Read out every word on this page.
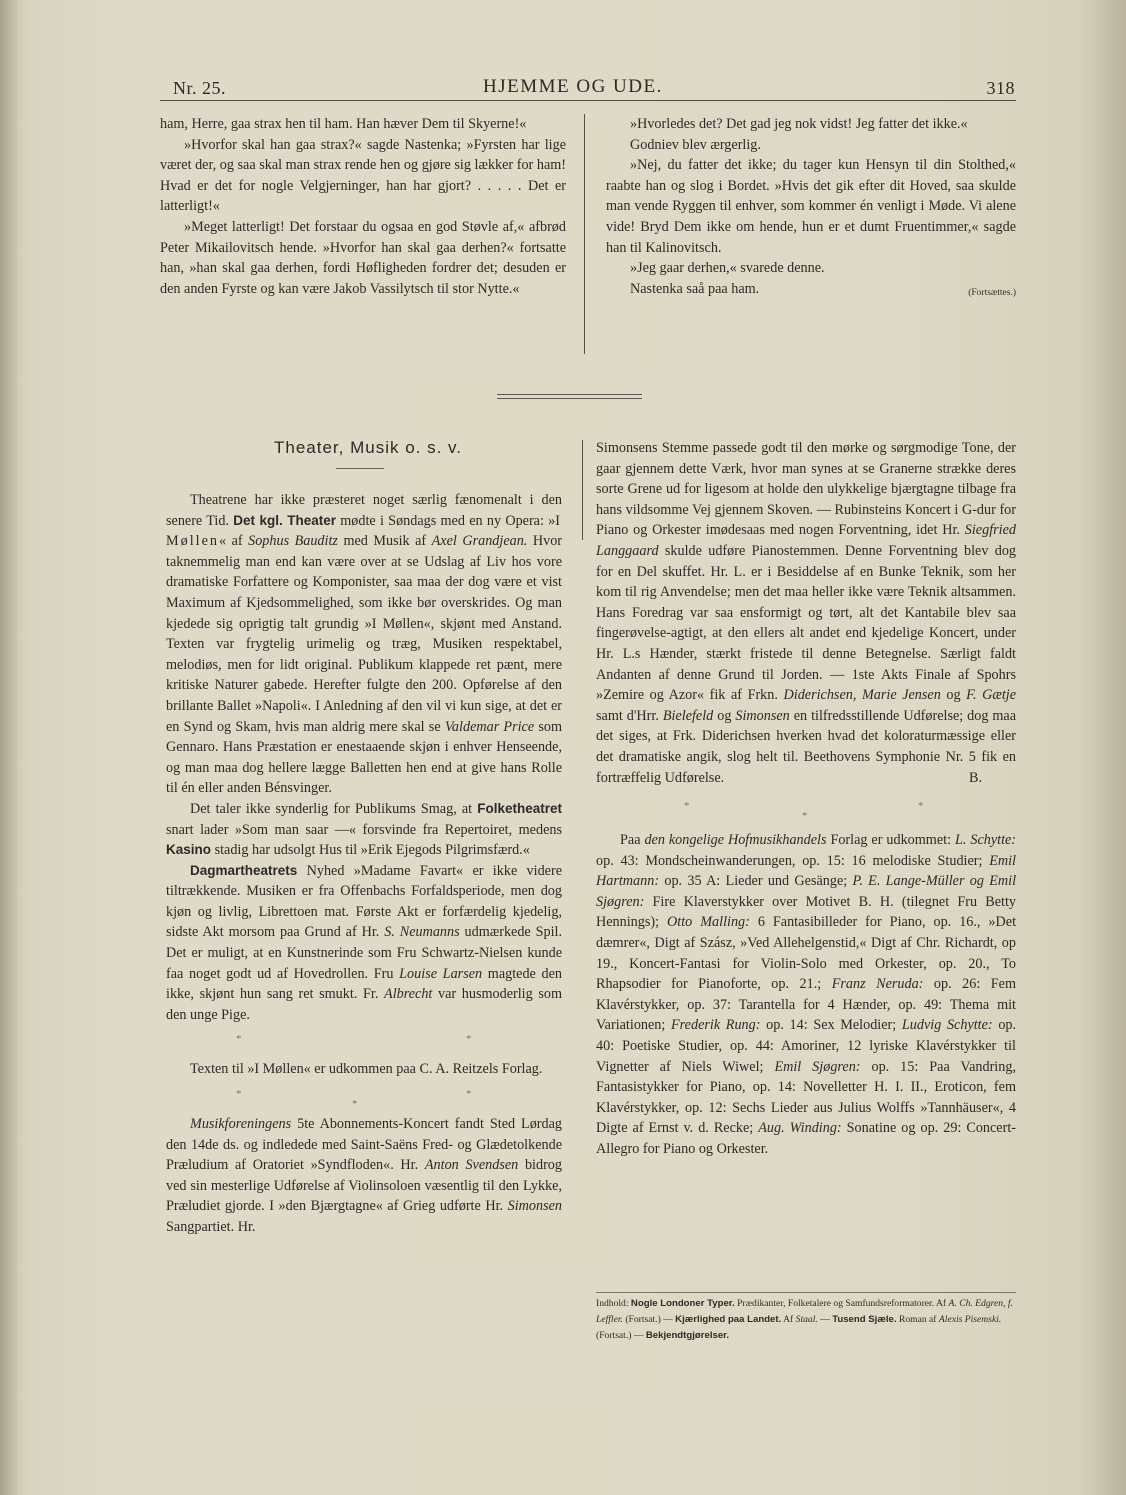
Nr. 25.	HJEMME OG UDE.	318

ham, Herre, gaa strax hen til ham. Han hæver Dem til Skyerne!«

»Hvorfor skal han gaa strax?« sagde Nastenka; »Fyrsten har lige været der, og saa skal man strax rende hen og gjøre sig lækker for ham! Hvad er det for nogle Velgjerninger, han har gjort? . . . . . Det er latterligt!«

»Meget latterligt! Det forstaar du ogsaa en god Støvle af,« afbrød Peter Mikailovitsch hende. »Hvorfor han skal gaa derhen?« fortsatte han, »han skal gaa derhen, fordi Høfligheden fordrer det; desuden er den anden Fyrste og kan være Jakob Vassilytsch til stor Nytte.«

»Hvorledes det? Det gad jeg nok vidst! Jeg fatter det ikke.«

Godniev blev ærgerlig.

»Nej, du fatter det ikke; du tager kun Hensyn til din Stolthed,« raabte han og slog i Bordet. »Hvis det gik efter dit Hoved, saa skulde man vende Ryggen til enhver, som kommer én venligt i Møde. Vi alene vide! Bryd Dem ikke om hende, hun er et dumt Fruentimmer,« sagde han til Kalinovitsch.

»Jeg gaar derhen,« svarede denne.

Nastenka saå paa ham.	(Fortsættes.)

Theater, Musik o. s. v.

Theatrene har ikke præsteret noget særlig fænomenalt i den senere Tid. Det kgl. Theater mødte i Søndags med en ny Opera: »I Møllen« af Sophus Bauditz med Musik af Axel Grandjean. Hvor taknemmelig man end kan være over at se Udslag af Liv hos vore dramatiske Forfattere og Komponister, saa maa der dog være et vist Maximum af Kjedsommelighed, som ikke bør overskrides. Og man kjedede sig oprigtig talt grundig »I Møllen«, skjønt med Anstand. Texten var frygtelig urimelig og træg, Musiken respektabel, melodiøs, men for lidt original. Publikum klappede ret pænt, mere kritiske Naturer gabede. Herefter fulgte den 200. Opførelse af den brillante Ballet »Napoli«. I Anledning af den vil vi kun sige, at det er en Synd og Skam, hvis man aldrig mere skal se Valdemar Price som Gennaro. Hans Præstation er enestaaende skjøn i enhver Henseende, og man maa dog hellere lægge Balletten hen end at give hans Rolle til én eller anden Bénsvinger.

Det taler ikke synderlig for Publikums Smag, at Folketheatret snart lader »Som man saar —« forsvinde fra Repertoiret, medens Kasino stadig har udsolgt Hus til »Erik Ejegods Pilgrimsfærd.«

Dagmartheatrets Nyhed »Madame Favart« er ikke videre tiltrækkende. Musiken er fra Offenbachs Forfaldsperiode, men dog kjøn og livlig, Librettoen mat. Første Akt er forfærdelig kjedelig, sidste Akt morsom paa Grund af Hr. S. Neumanns udmærkede Spil. Det er muligt, at en Kunstnerinde som Fru Schwartz-Nielsen kunde faa noget godt ud af Hovedrollen. Fru Louise Larsen magtede den ikke, skjønt hun sang ret smukt. Fr. Albrecht var husmoderlig som den unge Pige.

*	*

Texten til »I Møllen« er udkommen paa C. A. Reitzels Forlag.

*
*
*

Musikforeningens 5te Abonnements-Koncert fandt Sted Lørdag den 14de ds. og indledede med Saint-Saëns Fred- og Glædetolkende Præludium af Oratoriet »Syndfloden«. Hr. Anton Svendsen bidrog ved sin mesterlige Udførelse af Violinsoloen væsentlig til den Lykke, Præludiet gjorde. I »den Bjærgtagne« af Grieg udførte Hr. Simonsen Sangpartiet. Hr.

Simonsens Stemme passede godt til den mørke og sørgmodige Tone, der gaar gjennem dette Værk, hvor man synes at se Granerne strække deres sorte Grene ud for ligesom at holde den ulykkelige bjærgtagne tilbage fra hans vildsomme Vej gjennem Skoven. — Rubinsteins Koncert i G-dur for Piano og Orkester imødesaas med nogen Forventning, idet Hr. Siegfried Langgaard skulde udføre Pianostemmen. Denne Forventning blev dog for en Del skuffet. Hr. L. er i Besiddelse af en Bunke Teknik, som her kom til rig Anvendelse; men det maa heller ikke være Teknik altsammen. Hans Foredrag var saa ensformigt og tørt, alt det Kantabile blev saa fingerøvelse-agtigt, at den ellers alt andet end kjedelige Koncert, under Hr. L.s Hænder, stærkt fristede til denne Betegnelse. Særligt faldt Andanten af denne Grund til Jorden. — 1ste Akts Finale af Spohrs »Zemire og Azor« fik af Frkn. Diderichsen, Marie Jensen og F. Gætje samt d'Hrr. Bielefeld og Simonsen en tilfredsstillende Udførelse; dog maa det siges, at Frk. Diderichsen hverken hvad det koloraturmæssige eller det dramatiske angik, slog helt til. Beethovens Symphonie Nr. 5 fik en fortræffelig Udførelse.	B.

*
*
*

Paa den kongelige Hofmusikhandels Forlag er udkommet: L. Schytte: op. 43: Mondscheinwanderungen, op. 15: 16 melodiske Studier; Emil Hartmann: op. 35 A: Lieder und Gesänge; P. E. Lange-Müller og Emil Sjøgren: Fire Klaverstykker over Motivet B. H. (tilegnet Fru Betty Hennings); Otto Malling: 6 Fantasibilleder for Piano, op. 16., »Det dæmrer«, Digt af Szász, »Ved Allehelgenstid,« Digt af Chr. Richardt, op 19., Koncert-Fantasi for Violin-Solo med Orkester, op. 20., To Rhapsodier for Pianoforte, op. 21.; Franz Neruda: op. 26: Fem Klavérstykker, op. 37: Tarantella for 4 Hænder, op. 49: Thema mit Variationen; Frederik Rung: op. 14: Sex Melodier; Ludvig Schytte: op. 40: Poetiske Studier, op. 44: Amoriner, 12 lyriske Klavérstykker til Vignetter af Niels Wiwel; Emil Sjøgren: op. 15: Paa Vandring, Fantasistykker for Piano, op. 14: Novelletter H. I. II., Eroticon, fem Klavérstykker, op. 12: Sechs Lieder aus Julius Wolffs »Tannhäuser«, 4 Digte af Ernst v. d. Recke; Aug. Winding: Sonatine og op. 29: Concert-Allegro for Piano og Orkester.

Indhold: Nogle Londoner Typer. Prædikanter, Folketalere og Samfundsreformatorer. Af A. Ch. Edgren, f. Leffler. (Fortsat.) — Kjærlighed paa Landet. Af Staal. — Tusend Sjæle. Roman af Alexis Pisemski. (Fortsat.) — Bekjendtgjørelser.
